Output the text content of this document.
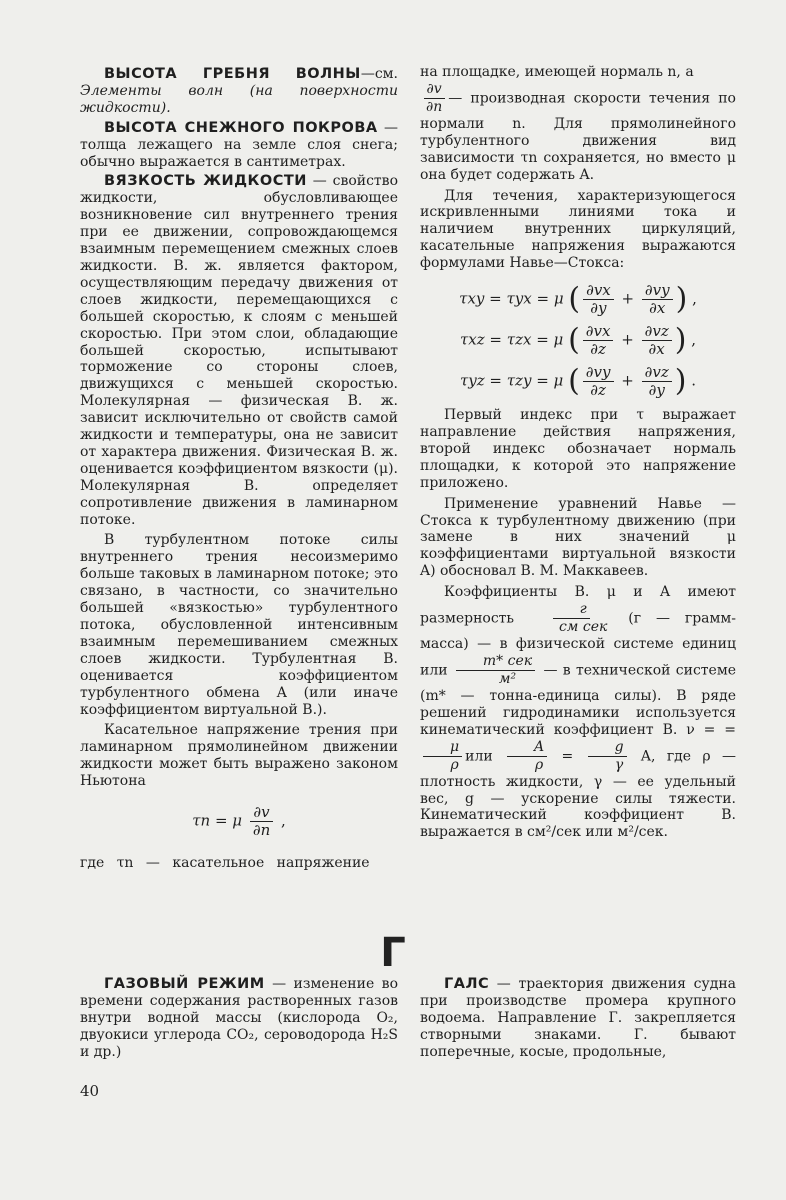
ВЫСОТА ГРЕБНЯ ВОЛНЫ—см. Элементы волн (на поверхности жидкости).

ВЫСОТА СНЕЖНОГО ПОКРОВА — толща лежащего на земле слоя снега; обычно выражается в сантиметрах.

ВЯЗКОСТЬ ЖИДКОСТИ — свойство жидкости, обусловливающее возникновение сил внутреннего трения при ее движении, сопровождающемся взаимным перемещением смежных слоев жидкости. В. ж. является фактором, осуществляющим передачу движения от слоев жидкости, перемещающихся с большей скоростью, к слоям с меньшей скоростью. При этом слои, обладающие большей скоростью, испытывают торможение со стороны слоев, движущихся с меньшей скоростью. Молекулярная — физическая В. ж. зависит исключительно от свойств самой жидкости и температуры, она не зависит от характера движения. Физическая В. ж. оценивается коэффициентом вязкости (μ). Молекулярная В. определяет сопротивление движения в ламинарном потоке.

В турбулентном потоке силы внутреннего трения несоизмеримо больше таковых в ламинарном потоке; это связано, в частности, со значительно большей «вязкостью» турбулентного потока, обусловленной интенсивным взаимным перемешиванием смежных слоев жидкости. Турбулентная В. оценивается коэффициентом турбулентного обмена A (или иначе коэффициентом виртуальной В.).

Касательное напряжение трения при ламинарном прямолинейном движении жидкости может быть выражено законом Ньютона

τn = μ $\frac{\partial v}{\partial n}$ ,

где τn — касательное напряжение

на площадке, имеющей нормаль n, а

$\frac{\partial v}{\partial n}$ — производная скорости течения по нормали n. Для прямолинейного турбулентного движения вид зависимости τn сохраняется, но вместо μ она будет содержать A.

Для течения, характеризующегося искривленными линиями тока и наличием внутренних циркуляций, касательные напряжения выражаются формулами Навье—Стокса:

τxy = τyx = μ ( $\frac{\partial vx}{\partial y} + \frac{\partial vy}{\partial x}$ ) ,
τxz = τzx = μ ( $\frac{\partial vx}{\partial z} + \frac{\partial vz}{\partial x}$ ) ,
τyz = τzy = μ ( $\frac{\partial vy}{\partial z} + \frac{\partial vz}{\partial y}$ ) .

Первый индекс при τ выражает направление действия напряжения, второй индекс обозначает нормаль площадки, к которой это напряжение приложено.

Применение уравнений Навье — Стокса к турбулентному движению (при замене в них значений μ коэффициентами виртуальной вязкости A) обосновал В. М. Маккавеев.

Коэффициенты В. μ и A имеют размерность $\frac{г}{\text{см сек}} (г$ — грамм-масса) — в физической системе единиц или $\frac{\text{m* сек}}{\text{м²}}$ — в технической системе (m* — тонна-единица силы). В ряде решений гидродинамики используется кинематический коэффициент В. ν = =
$\frac{\mu}{\rho}$ или $\frac{A}{\rho} = \frac{g}{\gamma} A$, где ρ — плотность жидкости, γ — ее удельный вес, g — ускорение силы тяжести. Кинематический коэффициент В. выражается в см²/сек или м²/сек.

Г

ГАЗОВЫЙ РЕЖИМ — изменение во времени содержания растворенных газов внутри водной массы (кислорода O₂, двуокиси углерода CO₂, сероводорода H₂S и др.)

ГАЛС — траектория движения судна при производстве промера крупного водоема. Направление Г. закрепляется створными знаками. Г. бывают поперечные, косые, продольные,

40
